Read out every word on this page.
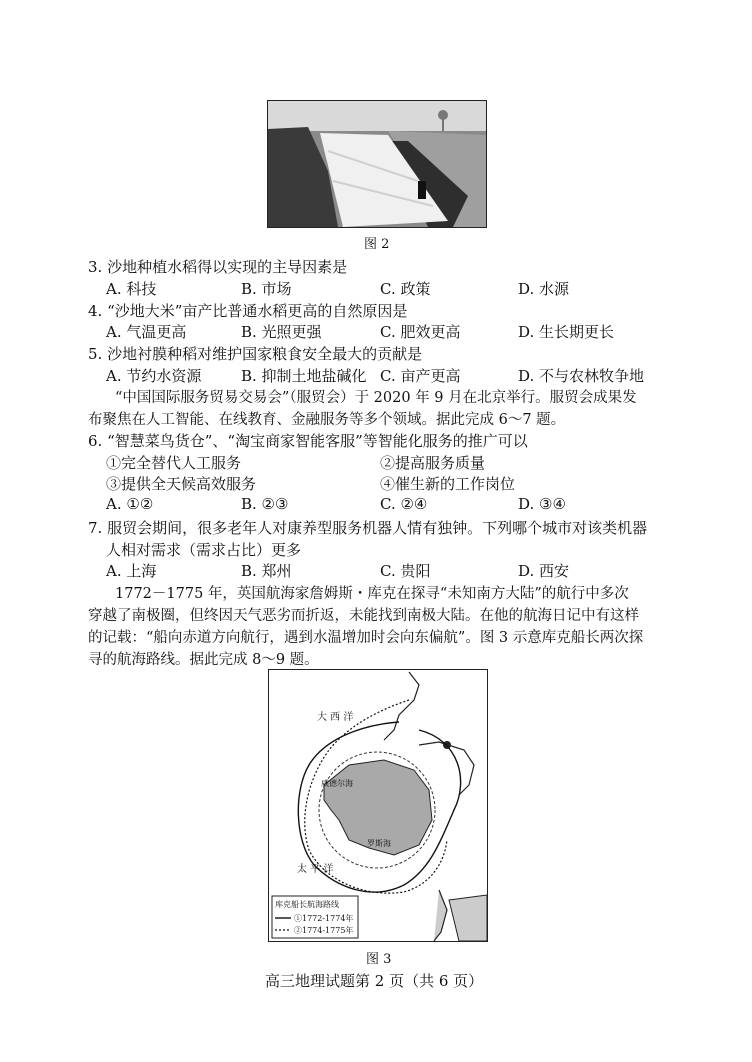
图 2
3. 沙地种植水稻得以实现的主导因素是
A. 科技	B. 市场	C. 政策	D. 水源
4. “沙地大米”亩产比普通水稻更高的自然原因是
A. 气温更高	B. 光照更强	C. 肥效更高	D. 生长期更长
5. 沙地衬膜种稻对维护国家粮食安全最大的贡献是
A. 节约水资源	B. 抑制土地盐碱化 C. 亩产更高	D. 不与农林牧争地
“中国国际服务贸易交易会”（服贸会）于 2020 年 9 月在北京举行。服贸会成果发
布聚焦在人工智能、在线教育、金融服务等多个领域。据此完成 6～7 题。
6. “智慧菜鸟货仓”、“淘宝商家智能客服”等智能化服务的推广可以
①完全替代人工服务	②提高服务质量
③提供全天候高效服务	④催生新的工作岗位
A. ①②	B. ②③	C. ②④	D. ③④
7. 服贸会期间，很多老年人对康养型服务机器人情有独钟。下列哪个城市对该类机器
人相对需求（需求占比）更多
A. 上海	B. 郑州	C. 贵阳	D. 西安
1772－1775 年，英国航海家詹姆斯・库克在探寻“未知南方大陆”的航行中多次
穿越了南极圈，但终因天气恶劣而折返，未能找到南极大陆。在他的航海日记中有这样
的记载：“船向赤道方向航行，遇到水温增加时会向东偏航”。图 3 示意库克船长两次探
寻的航海路线。据此完成 8～9 题。
大 西 洋
太 平 洋
威德尔海
罗斯海
库克船长航海路线
①1772-1774年
②1774-1775年
图 3
高三地理试题第 2 页（共 6 页）
